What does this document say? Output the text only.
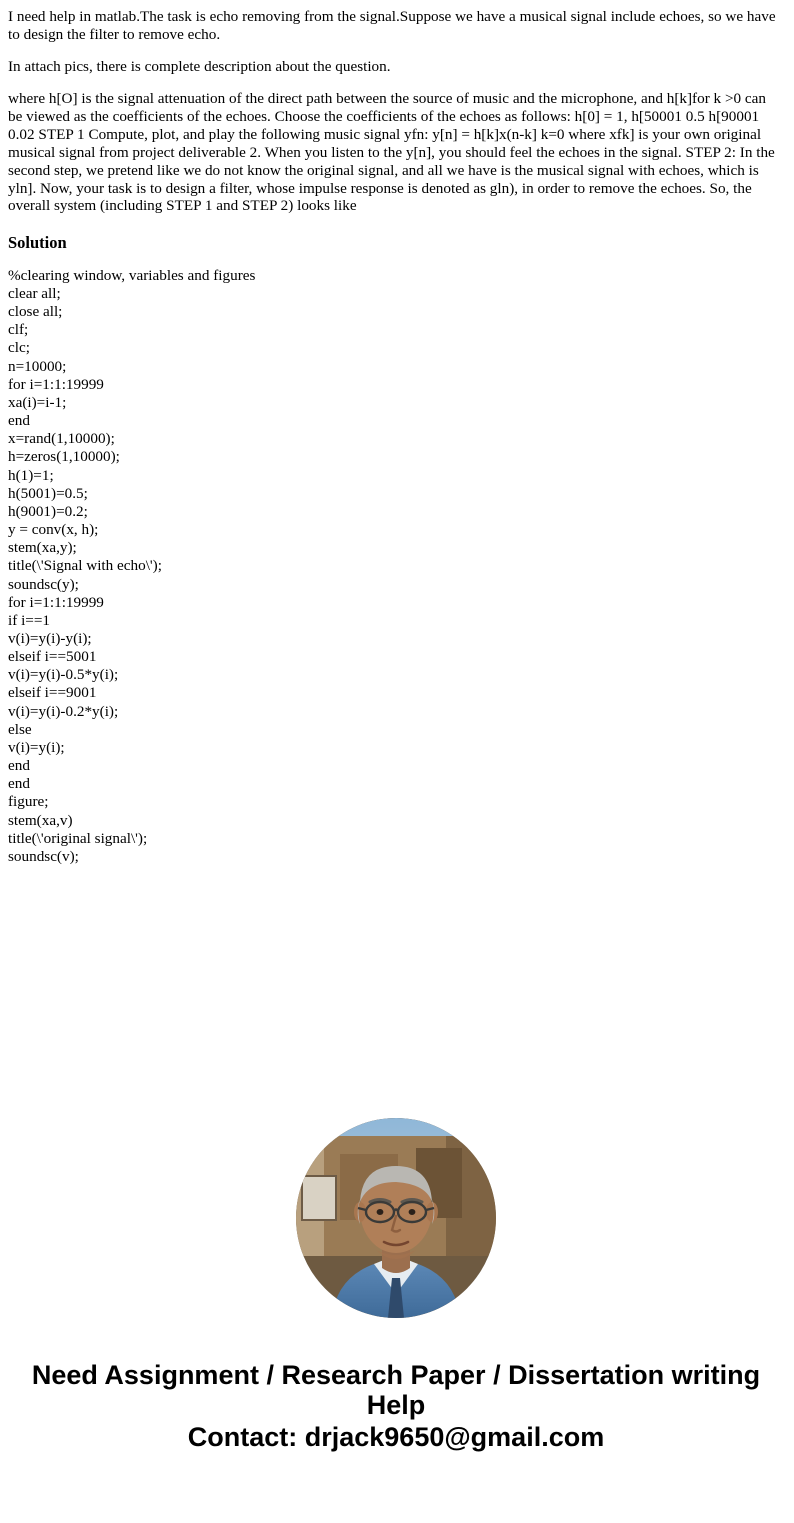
I need help in matlab.The task is echo removing from the signal.Suppose we have a musical signal include echoes, so we have to design the filter to remove echo.

In attach pics, there is complete description about the question.

where h[O] is the signal attenuation of the direct path between the source of music and the microphone, and h[k]for k >0 can be viewed as the coefficients of the echoes. Choose the coefficients of the echoes as follows: h[0] = 1, h[50001 0.5 h[90001 0.02 STEP 1 Compute, plot, and play the following music signal yfn: y[n] = h[k]x(n-k] k=0 where xfk] is your own original musical signal from project deliverable 2. When you listen to the y[n], you should feel the echoes in the signal. STEP 2: In the second step, we pretend like we do not know the original signal, and all we have is the musical signal with echoes, which is yln]. Now, your task is to design a filter, whose impulse response is denoted as gln), in order to remove the echoes. So, the overall system (including STEP 1 and STEP 2) looks like

Solution
%clearing window, variables and figures
clear all;
close all;
clf;
clc;
n=10000;
for i=1:1:19999
xa(i)=i-1;
end
x=rand(1,10000);
h=zeros(1,10000);
h(1)=1;
h(5001)=0.5;
h(9001)=0.2;
y = conv(x, h);
stem(xa,y);
title(\'Signal with echo\');
soundsc(y);
for i=1:1:19999
if i==1
v(i)=y(i)-y(i);
elseif i==5001
v(i)=y(i)-0.5*y(i);
elseif i==9001
v(i)=y(i)-0.2*y(i);
else
v(i)=y(i);
end
end
figure;
stem(xa,v)
title(\'original signal\');
soundsc(v);
Need Assignment / Research Paper / Dissertation writing Help
Contact: drjack9650@gmail.com
